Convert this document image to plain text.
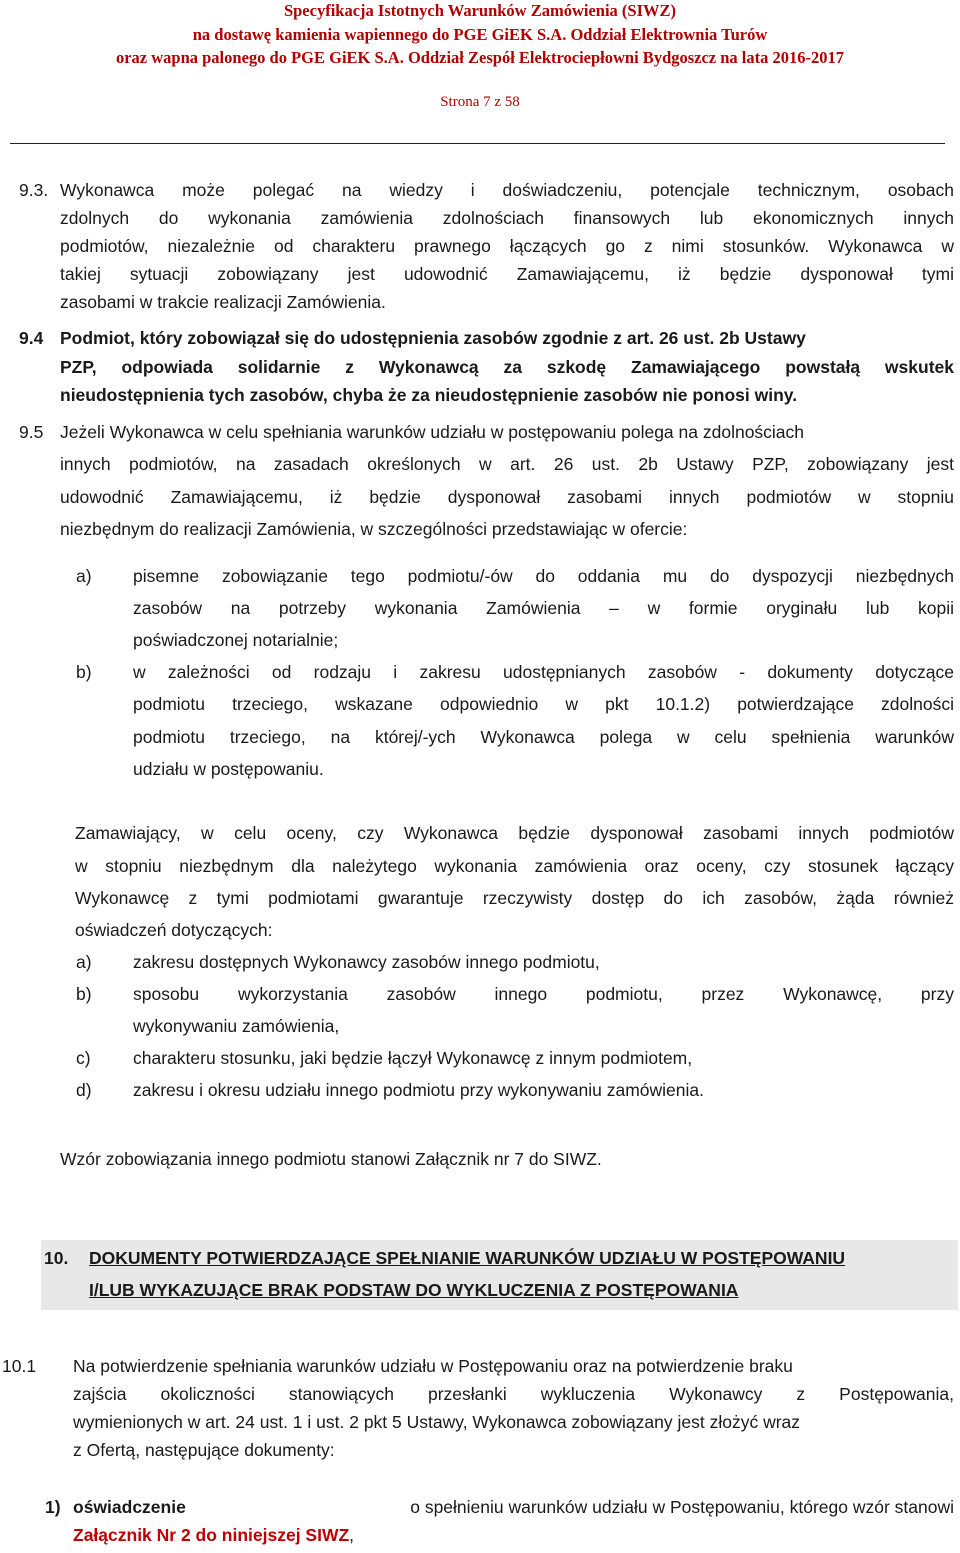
Specyfikacja Istotnych Warunków Zamówienia (SIWZ)
na dostawę kamienia wapiennego do PGE GiEK S.A. Oddział Elektrownia Turów
oraz wapna palonego do PGE GiEK S.A. Oddział Zespół Elektrociepłowni Bydgoszcz na lata 2016-2017
Strona 7 z 58
9.3. Wykonawca może polegać na wiedzy i doświadczeniu, potencjale technicznym, osobach
zdolnych do wykonania zamówienia zdolnościach finansowych lub ekonomicznych innych
podmiotów, niezależnie od charakteru prawnego łączących go z nimi stosunków. Wykonawca w
takiej sytuacji zobowiązany jest udowodnić Zamawiającemu, iż będzie dysponował tymi
zasobami w trakcie realizacji Zamówienia.
9.4 Podmiot, który zobowiązał się do udostępnienia zasobów zgodnie z art. 26 ust. 2b Ustawy
PZP, odpowiada solidarnie z Wykonawcą za szkodę Zamawiającego powstałą wskutek
nieudostępnienia tych zasobów, chyba że za nieudostępnienie zasobów nie ponosi winy.
9.5 Jeżeli Wykonawca w celu spełniania warunków udziału w postępowaniu polega na zdolnościach
innych podmiotów, na zasadach określonych w art. 26 ust. 2b Ustawy PZP, zobowiązany jest
udowodnić Zamawiającemu, iż będzie dysponował zasobami innych podmiotów w stopniu
niezbędnym do realizacji Zamówienia, w szczególności przedstawiając w ofercie:
a) pisemne zobowiązanie tego podmiotu/-ów do oddania mu do dyspozycji niezbędnych
zasobów na potrzeby wykonania Zamówienia – w formie oryginału lub kopii
poświadczonej notarialnie;
b) w zależności od rodzaju i zakresu udostępnianych zasobów - dokumenty dotyczące
podmiotu trzeciego, wskazane odpowiednio w pkt 10.1.2) potwierdzające zdolności
podmiotu trzeciego, na której/-ych Wykonawca polega w celu spełnienia warunków
udziału w postępowaniu.
Zamawiający, w celu oceny, czy Wykonawca będzie dysponował zasobami innych podmiotów
w stopniu niezbędnym dla należytego wykonania zamówienia oraz oceny, czy stosunek łączący
Wykonawcę z tymi podmiotami gwarantuje rzeczywisty dostęp do ich zasobów, żąda również
oświadczeń dotyczących:
a) zakresu dostępnych Wykonawcy zasobów innego podmiotu,
b) sposobu wykorzystania zasobów innego podmiotu, przez Wykonawcę, przy
wykonywaniu zamówienia,
c) charakteru stosunku, jaki będzie łączył Wykonawcę z innym podmiotem,
d) zakresu i okresu udziału innego podmiotu przy wykonywaniu zamówienia.
Wzór zobowiązania innego podmiotu stanowi Załącznik nr 7 do SIWZ.
10. DOKUMENTY POTWIERDZAJĄCE SPEŁNIANIE WARUNKÓW UDZIAŁU W POSTĘPOWANIU
I/LUB WYKAZUJĄCE BRAK PODSTAW DO WYKLUCZENIA Z POSTĘPOWANIA
10.1 Na potwierdzenie spełniania warunków udziału w Postępowaniu oraz na potwierdzenie braku
zajścia okoliczności stanowiących przesłanki wykluczenia Wykonawcy z Postępowania,
wymienionych w art. 24 ust. 1 i ust. 2 pkt 5 Ustawy, Wykonawca zobowiązany jest złożyć wraz
z Ofertą, następujące dokumenty:
1) oświadczenie	o spełnieniu warunków udziału w Postępowaniu, którego wzór stanowi
Załącznik Nr 2 do niniejszej SIWZ,
